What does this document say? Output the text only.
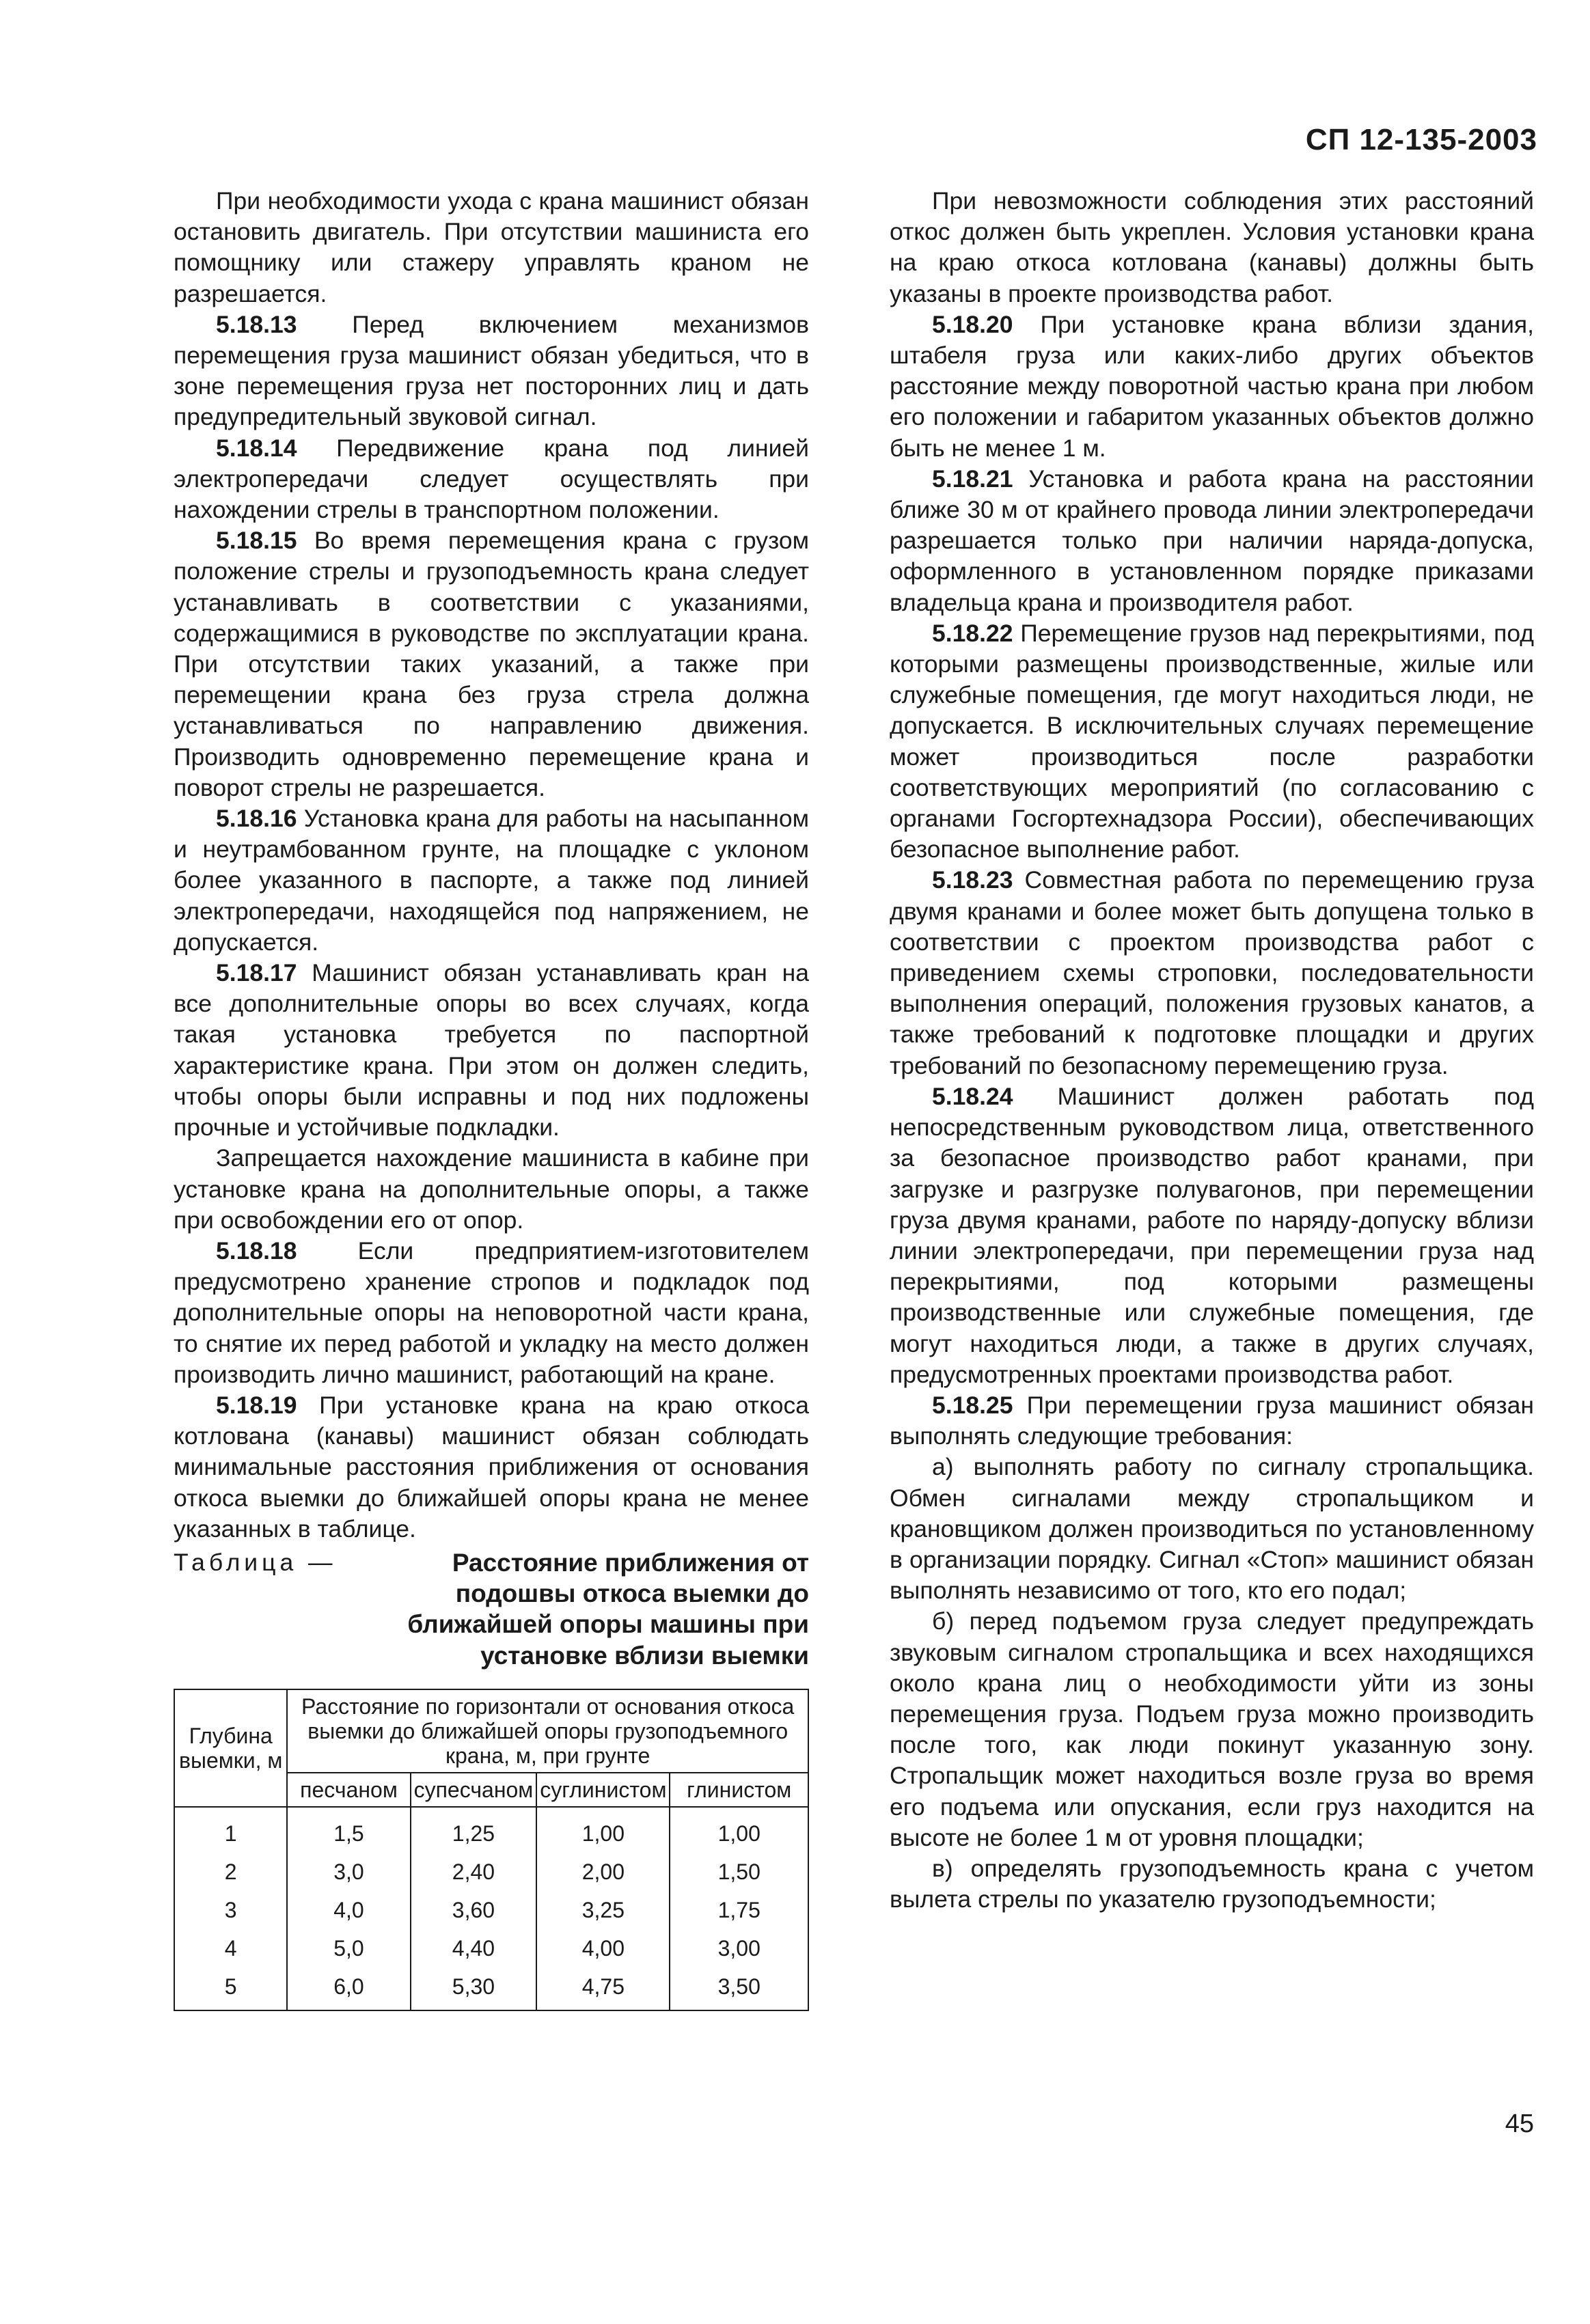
СП 12-135-2003

При необходимости ухода с крана машинист обязан остановить двигатель. При отсутствии машиниста его помощнику или стажеру управлять краном не разрешается.

5.18.13 Перед включением механизмов перемещения груза машинист обязан убедиться, что в зоне перемещения груза нет посторонних лиц и дать предупредительный звуковой сигнал.

5.18.14 Передвижение крана под линией электропередачи следует осуществлять при нахождении стрелы в транспортном положении.

5.18.15 Во время перемещения крана с грузом положение стрелы и грузоподъемность крана следует устанавливать в соответствии с указаниями, содержащимися в руководстве по эксплуатации крана. При отсутствии таких указаний, а также при перемещении крана без груза стрела должна устанавливаться по направлению движения. Производить одновременно перемещение крана и поворот стрелы не разрешается.

5.18.16 Установка крана для работы на насыпанном и неутрамбованном грунте, на площадке с уклоном более указанного в паспорте, а также под линией электропередачи, находящейся под напряжением, не допускается.

5.18.17 Машинист обязан устанавливать кран на все дополнительные опоры во всех случаях, когда такая установка требуется по паспортной характеристике крана. При этом он должен следить, чтобы опоры были исправны и под них подложены прочные и устойчивые подкладки.

Запрещается нахождение машиниста в кабине при установке крана на дополнительные опоры, а также при освобождении его от опор.

5.18.18	Если предприятием-изготовителем предусмотрено хранение стропов и подкладок под дополнительные опоры на неповоротной части крана, то снятие их перед работой и укладку на место должен производить лично машинист, работающий на кране.

5.18.19 При установке крана на краю откоса котлована (канавы) машинист обязан соблюдать минимальные расстояния приближения от основания откоса выемки до ближайшей опоры крана не менее указанных в таблице.

Таблица —	Расстояние приближения от подошвы откоса выемки до ближайшей опоры машины при установке вблизи выемки
Глубина выемки, м	Расстояние по горизонтали от основания откоса выемки до ближайшей опоры грузоподъемного крана, м, при грунте			
	песчаном	супесчаном	суглинистом	глинистом
1	1,5	1,25	1,00	1,00
2	3,0	2,40	2,00	1,50
3	4,0	3,60	3,25	1,75
4	5,0	4,40	4,00	3,00
5	6,0	5,30	4,75	3,50

При невозможности соблюдения этих расстояний откос должен быть укреплен. Условия установки крана на краю откоса котлована (канавы) должны быть указаны в проекте производства работ.

5.18.20 При установке крана вблизи здания, штабеля груза или каких-либо других объектов расстояние между поворотной частью крана при любом его положении и габаритом указанных объектов должно быть не менее 1 м.

5.18.21 Установка и работа крана на расстоянии ближе 30 м от крайнего провода линии электропередачи разрешается только при наличии наряда-допуска, оформленного в установленном порядке приказами владельца крана и производителя работ.

5.18.22 Перемещение грузов над перекрытиями, под которыми размещены производственные, жилые или служебные помещения, где могут находиться люди, не допускается. В исключительных случаях перемещение может производиться после разработки соответствующих мероприятий (по согласованию с органами Госгортехнадзора России), обеспечивающих безопасное выполнение работ.

5.18.23 Совместная работа по перемещению груза двумя кранами и более может быть допущена только в соответствии с проектом производства работ с приведением схемы строповки, последовательности выполнения операций, положения грузовых канатов, а также требований к подготовке площадки и других требований по безопасному перемещению груза.

5.18.24 Машинист должен работать под непосредственным руководством лица, ответственного за безопасное производство работ кранами, при загрузке и разгрузке полувагонов, при перемещении груза двумя кранами, работе по наряду-допуску вблизи линии электропередачи, при перемещении груза над перекрытиями, под которыми размещены производственные или служебные помещения, где могут находиться люди, а также в других случаях, предусмотренных проектами производства работ.

5.18.25 При перемещении груза машинист обязан выполнять следующие требования:

а) выполнять работу по сигналу стропальщика. Обмен сигналами между стропальщиком и крановщиком должен производиться по установленному в организации порядку. Сигнал «Стоп» машинист обязан выполнять независимо от того, кто его подал;

б) перед подъемом груза следует предупреждать звуковым сигналом стропальщика и всех находящихся около крана лиц о необходимости уйти из зоны перемещения груза. Подъем груза можно производить после того, как люди покинут указанную зону. Стропальщик может находиться возле груза во время его подъема или опускания, если груз находится на высоте не более 1 м от уровня площадки;

в) определять грузоподъемность крана с учетом вылета стрелы по указателю грузоподъемности;

45
